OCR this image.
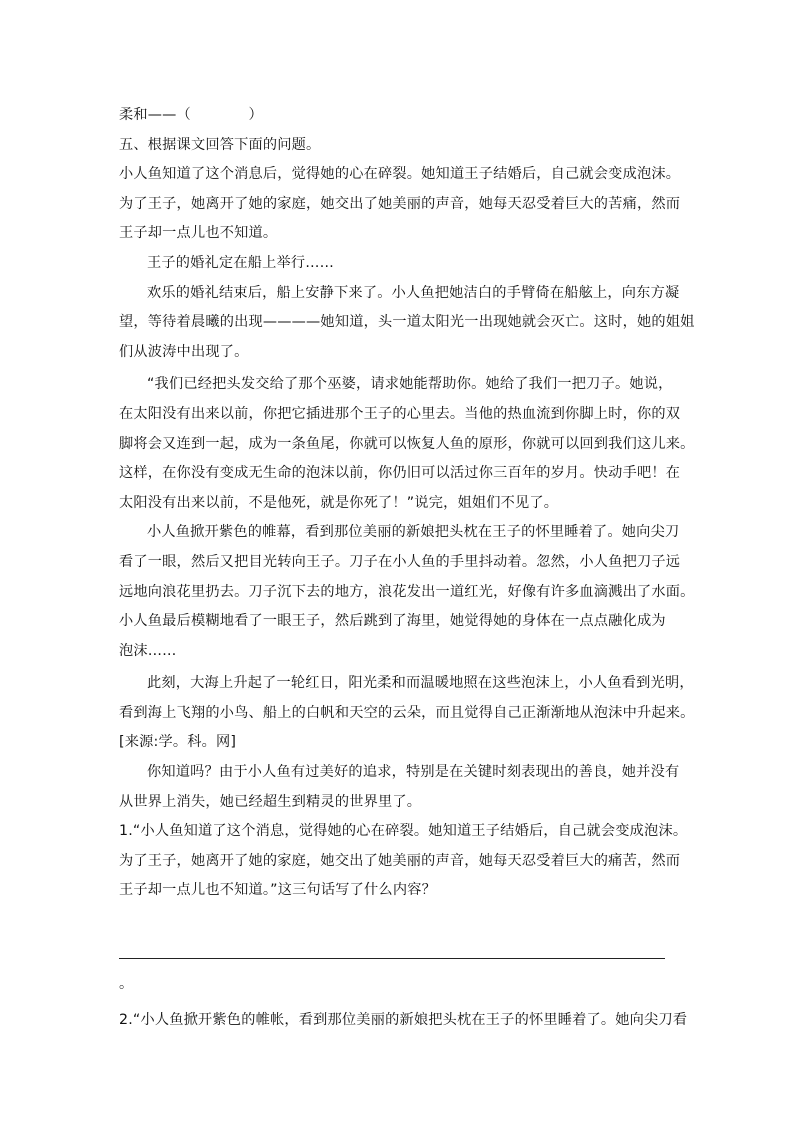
柔和——（　　　　）

五、根据课文回答下面的问题。

小人鱼知道了这个消息后，觉得她的心在碎裂。她知道王子结婚后，自己就会变成泡沫。

为了王子，她离开了她的家庭，她交出了她美丽的声音，她每天忍受着巨大的苦痛，然而

王子却一点儿也不知道。

王子的婚礼定在船上举行……

欢乐的婚礼结束后，船上安静下来了。小人鱼把她洁白的手臂倚在船舷上，向东方凝

望，等待着晨曦的出现————她知道，头一道太阳光一出现她就会灭亡。这时，她的姐姐

们从波涛中出现了。

“我们已经把头发交给了那个巫婆，请求她能帮助你。她给了我们一把刀子。她说，

在太阳没有出来以前，你把它插进那个王子的心里去。当他的热血流到你脚上时，你的双

脚将会又连到一起，成为一条鱼尾，你就可以恢复人鱼的原形，你就可以回到我们这儿来。

这样，在你没有变成无生命的泡沫以前，你仍旧可以活过你三百年的岁月。快动手吧！在

太阳没有出来以前，不是他死，就是你死了！”说完，姐姐们不见了。

小人鱼掀开紫色的帷幕，看到那位美丽的新娘把头枕在王子的怀里睡着了。她向尖刀

看了一眼，然后又把目光转向王子。刀子在小人鱼的手里抖动着。忽然，小人鱼把刀子远

远地向浪花里扔去。刀子沉下去的地方，浪花发出一道红光，好像有许多血滴溅出了水面。

小人鱼最后模糊地看了一眼王子，然后跳到了海里，她觉得她的身体在一点点融化成为

泡沫……

此刻，大海上升起了一轮红日，阳光柔和而温暖地照在这些泡沫上，小人鱼看到光明，

看到海上飞翔的小鸟、船上的白帆和天空的云朵，而且觉得自己正渐渐地从泡沫中升起来。

[来源:学。科。网]

你知道吗？由于小人鱼有过美好的追求，特别是在关键时刻表现出的善良，她并没有

从世界上消失，她已经超生到精灵的世界里了。

1.“小人鱼知道了这个消息，觉得她的心在碎裂。她知道王子结婚后，自己就会变成泡沫。

为了王子，她离开了她的家庭，她交出了她美丽的声音，她每天忍受着巨大的痛苦，然而

王子却一点儿也不知道。”这三句话写了什么内容？

。
2.“小人鱼掀开紫色的帷帐，看到那位美丽的新娘把头枕在王子的怀里睡着了。她向尖刀看
